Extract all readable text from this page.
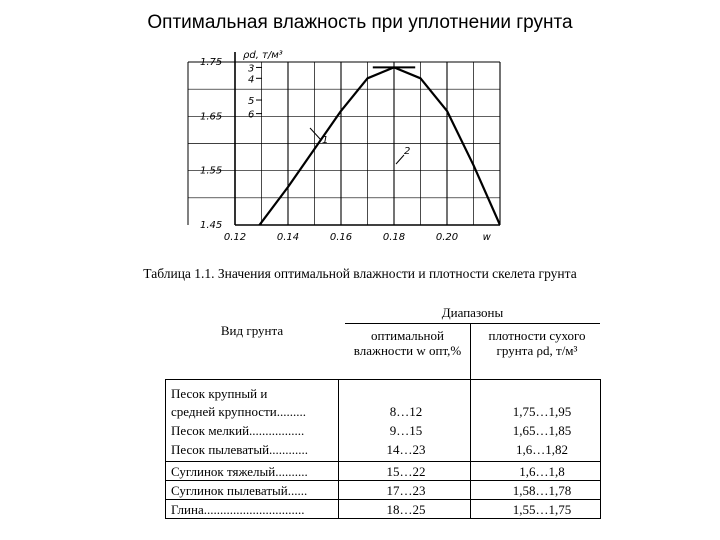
Оптимальная влажность при уплотнении грунта
1.75
1.65
1.55
1.45
3
4
5
6
0.12	0.14	0.16	0.18	0.20 w
ρd, т/м³
1
2
Таблица 1.1. Значения оптимальной влажности и плотности скелета грунта
Вид грунта
Диапазоны
оптимальной влажности w опт,%
плотности сухого грунта ρd, т/м³
Песок крупный и
средней крупности.........	8…12	1,75…1,95
Песок мелкий.................	9…15	1,65…1,85
Песок пылеватый............	14…23	1,6…1,82
Суглинок тяжелый..........	15…22	1,6…1,8
Суглинок пылеватый......	17…23	1,58…1,78
Глина...............................	18…25	1,55…1,75
